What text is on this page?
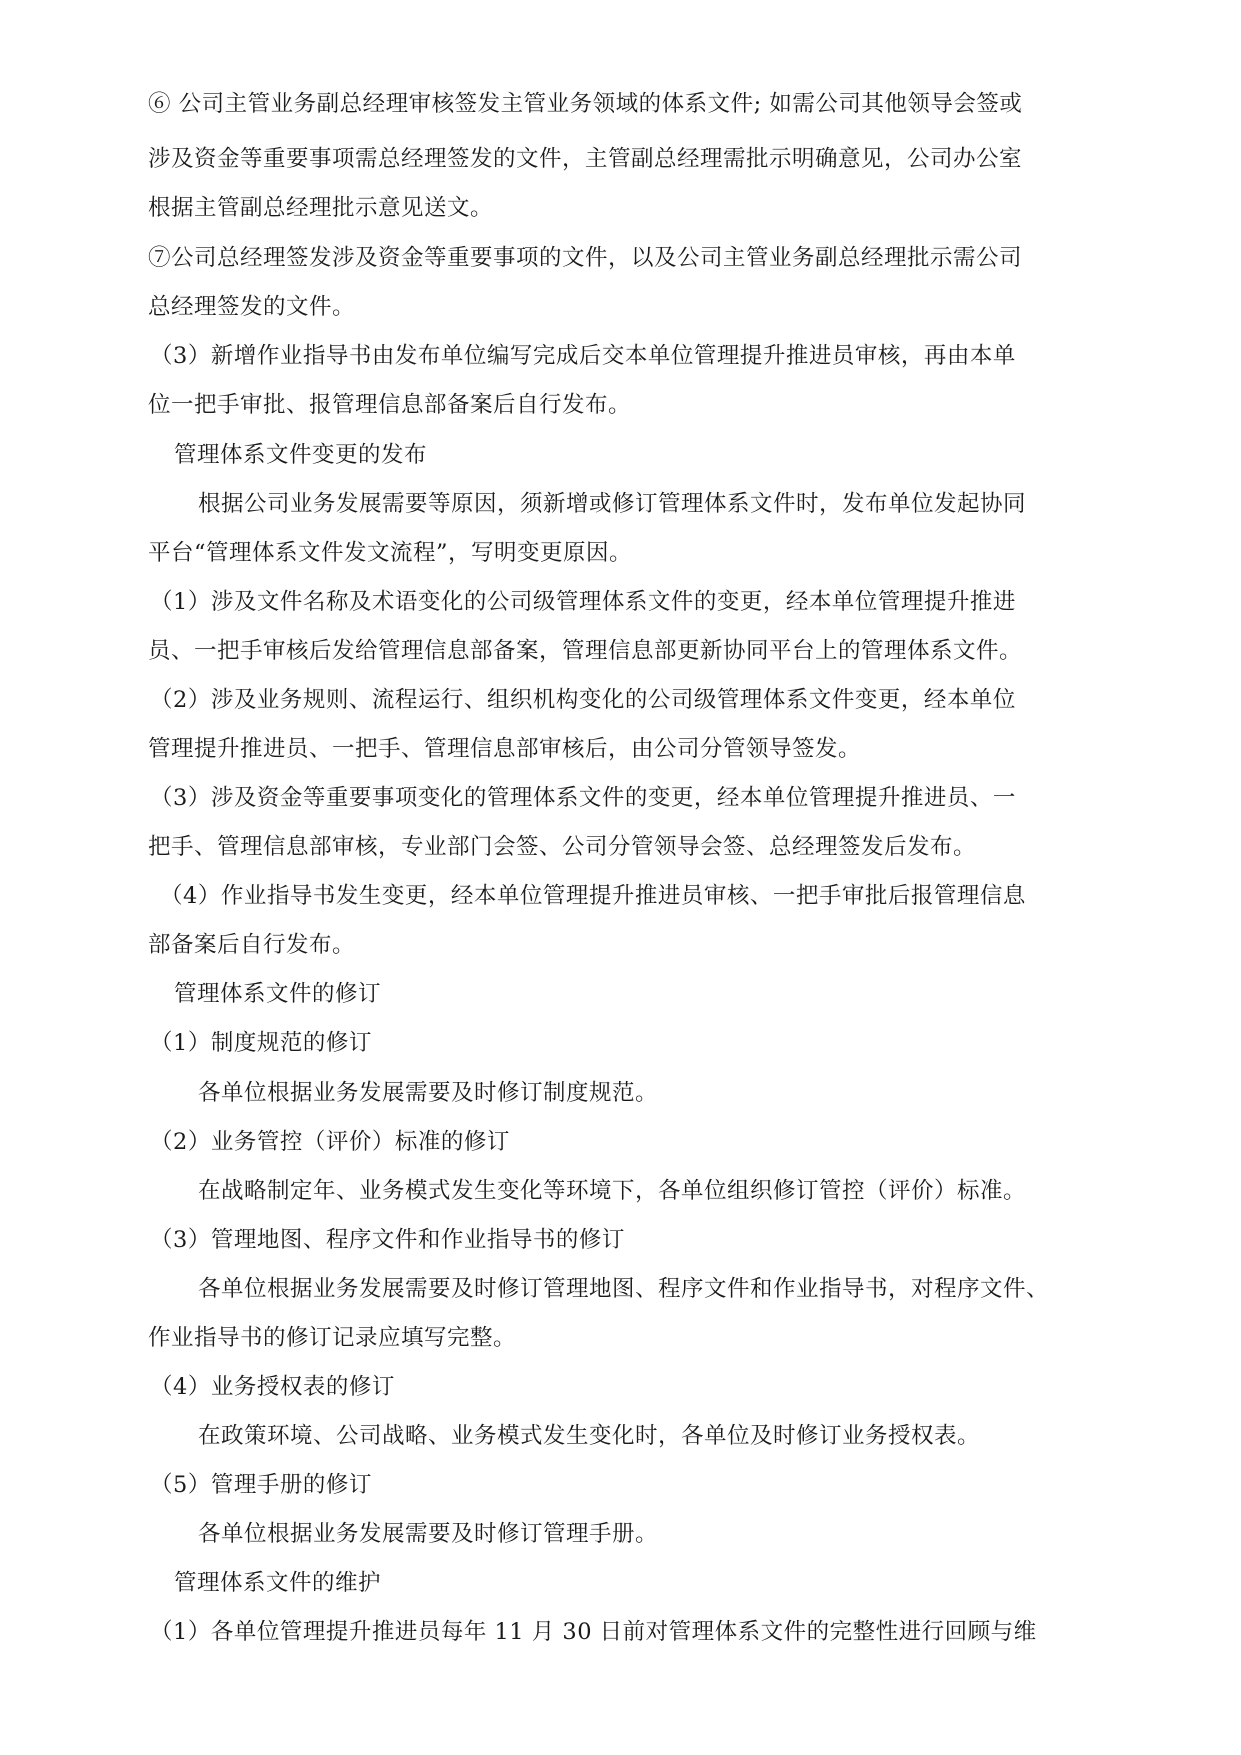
⑥ 公司主管业务副总经理审核签发主管业务领域的体系文件; 如需公司其他领导会签或
涉及资金等重要事项需总经理签发的文件，主管副总经理需批示明确意见，公司办公室
根据主管副总经理批示意见送文。
⑦公司总经理签发涉及资金等重要事项的文件，以及公司主管业务副总经理批示需公司
总经理签发的文件。
（3）新增作业指导书由发布单位编写完成后交本单位管理提升推进员审核，再由本单
位一把手审批、报管理信息部备案后自行发布。
管理体系文件变更的发布
根据公司业务发展需要等原因，须新增或修订管理体系文件时，发布单位发起协同
平台“管理体系文件发文流程”，写明变更原因。
（1）涉及文件名称及术语变化的公司级管理体系文件的变更，经本单位管理提升推进
员、一把手审核后发给管理信息部备案，管理信息部更新协同平台上的管理体系文件。
（2）涉及业务规则、流程运行、组织机构变化的公司级管理体系文件变更，经本单位
管理提升推进员、一把手、管理信息部审核后，由公司分管领导签发。
（3）涉及资金等重要事项变化的管理体系文件的变更，经本单位管理提升推进员、一
把手、管理信息部审核，专业部门会签、公司分管领导会签、总经理签发后发布。
（4）作业指导书发生变更，经本单位管理提升推进员审核、一把手审批后报管理信息
部备案后自行发布。
管理体系文件的修订
（1）制度规范的修订
各单位根据业务发展需要及时修订制度规范。
（2）业务管控（评价）标准的修订
在战略制定年、业务模式发生变化等环境下，各单位组织修订管控（评价）标准。
（3）管理地图、程序文件和作业指导书的修订
各单位根据业务发展需要及时修订管理地图、程序文件和作业指导书，对程序文件、
作业指导书的修订记录应填写完整。
（4）业务授权表的修订
在政策环境、公司战略、业务模式发生变化时，各单位及时修订业务授权表。
（5）管理手册的修订
各单位根据业务发展需要及时修订管理手册。
管理体系文件的维护
（1）各单位管理提升推进员每年 11 月 30 日前对管理体系文件的完整性进行回顾与维
